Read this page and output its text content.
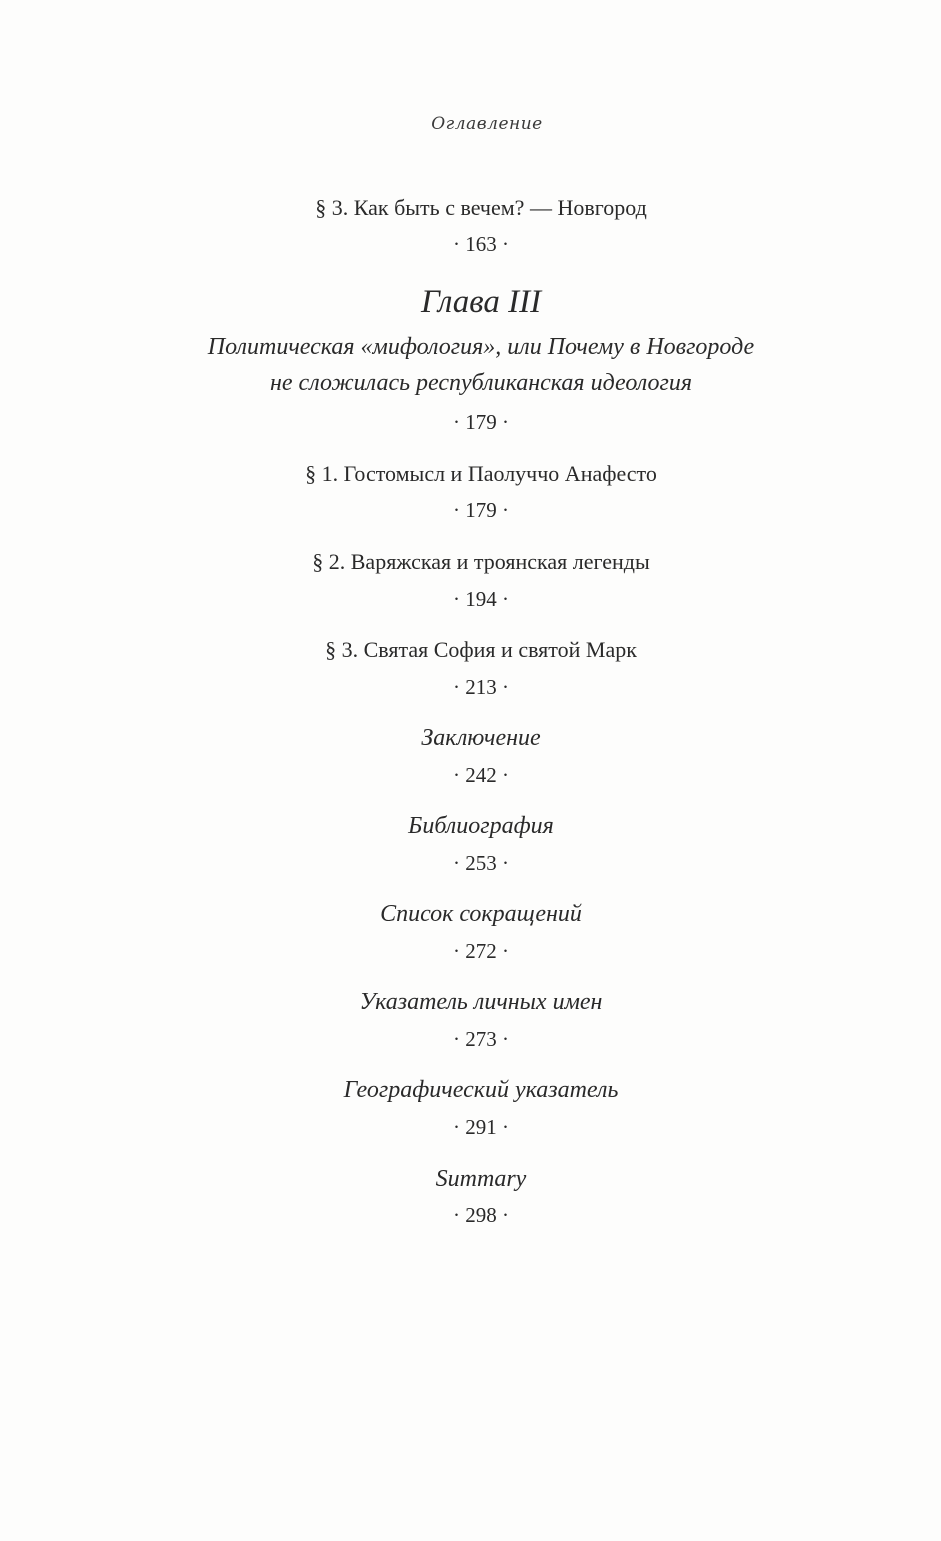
Оглавление
§ 3. Как быть с вечем? — Новгород
· 163 ·
Глава III
Политическая «мифология», или Почему в Новгороде
не сложилась республиканская идеология
· 179 ·
§ 1. Гостомысл и Паолуччо Анафесто
· 179 ·
§ 2. Варяжская и троянская легенды
· 194 ·
§ 3. Святая София и святой Марк
· 213 ·
Заключение
· 242 ·
Библиография
· 253 ·
Список сокращений
· 272 ·
Указатель личных имен
· 273 ·
Географический указатель
· 291 ·
Summary
· 298 ·
